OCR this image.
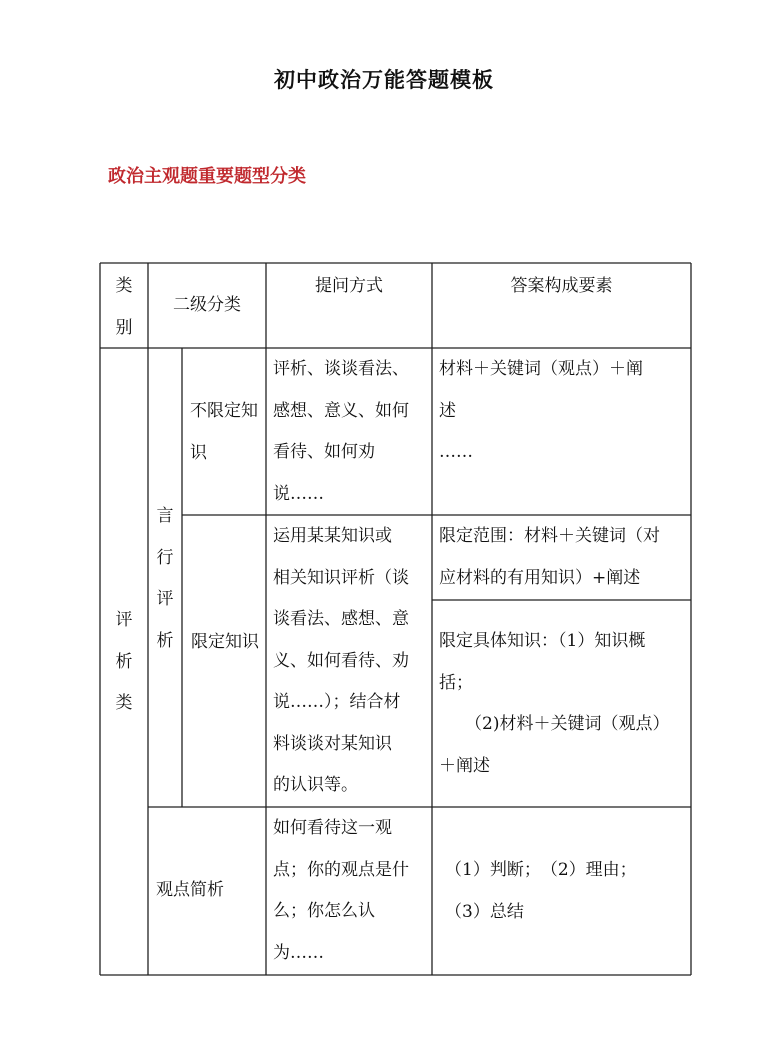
初中政治万能答题模板
政治主观题重要题型分类
类别
二级分类
提问方式	答案构成要素
评析类
言行评析
不限定知识
评析、谈谈看法、
感想、意义、如何
看待、如何劝
说……
材料＋关键词（观点）＋阐
述
……
限定知识
运用某某知识或
相关知识评析（谈
谈看法、感想、意
义、如何看待、劝
说……）；结合材
料谈谈对某知识
的认识等。
限定范围：材料＋关键词（对
应材料的有用知识）+阐述
限定具体知识：（1）知识概
括；
（2)材料＋关键词（观点）
＋阐述
观点简析
如何看待这一观
点；你的观点是什
么；你怎么认
为……
（1）判断；　（2）理由；
（3）总结
